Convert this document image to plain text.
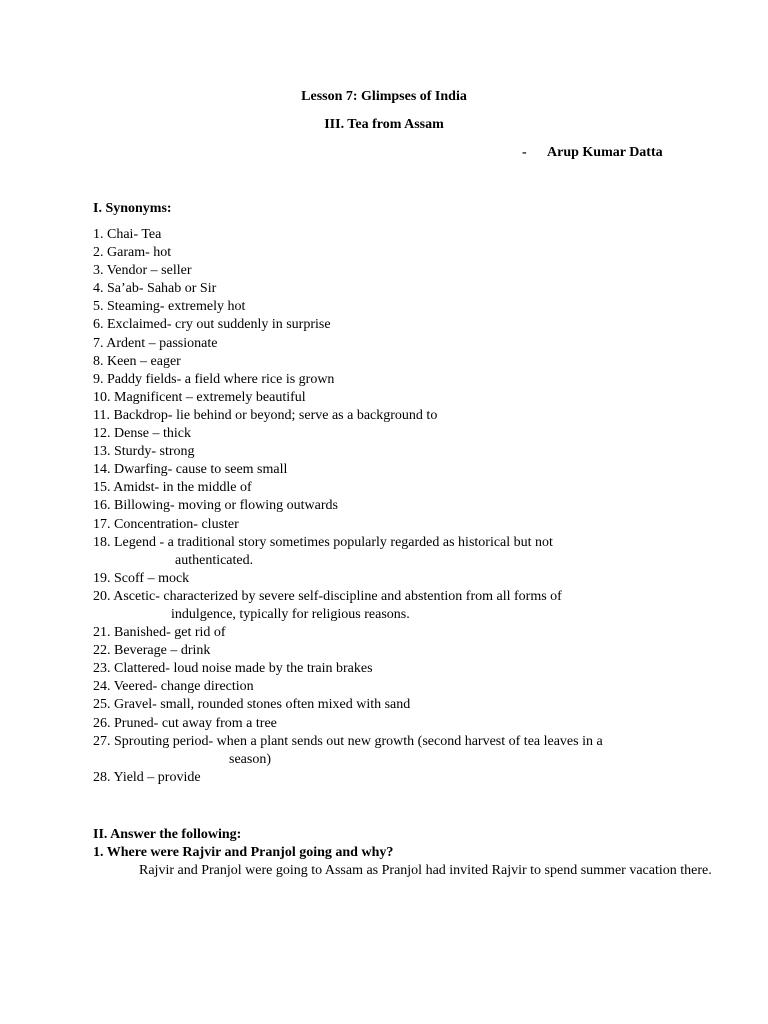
Lesson 7: Glimpses of India
III. Tea from Assam
- Arup Kumar Datta
I. Synonyms:
1. Chai- Tea
2. Garam- hot
3. Vendor – seller
4. Sa’ab- Sahab or Sir
5. Steaming- extremely hot
6. Exclaimed- cry out suddenly in surprise
7. Ardent – passionate
8. Keen – eager
9. Paddy fields- a field where rice is grown
10. Magnificent – extremely beautiful
11. Backdrop- lie behind or beyond; serve as a background to
12. Dense – thick
13. Sturdy- strong
14. Dwarfing- cause to seem small
15. Amidst- in the middle of
16. Billowing- moving or flowing outwards
17. Concentration- cluster
18. Legend - a traditional story sometimes popularly regarded as historical but not
authenticated.
19. Scoff – mock
20. Ascetic- characterized by severe self-discipline and abstention from all forms of
indulgence, typically for religious reasons.
21. Banished- get rid of
22. Beverage – drink
23. Clattered- loud noise made by the train brakes
24. Veered- change direction
25. Gravel- small, rounded stones often mixed with sand
26. Pruned- cut away from a tree
27. Sprouting period- when a plant sends out new growth (second harvest of tea leaves in a
season)
28. Yield – provide
II. Answer the following:
1. Where were Rajvir and Pranjol going and why?
Rajvir and Pranjol were going to Assam as Pranjol had invited Rajvir to spend summer vacation there.
